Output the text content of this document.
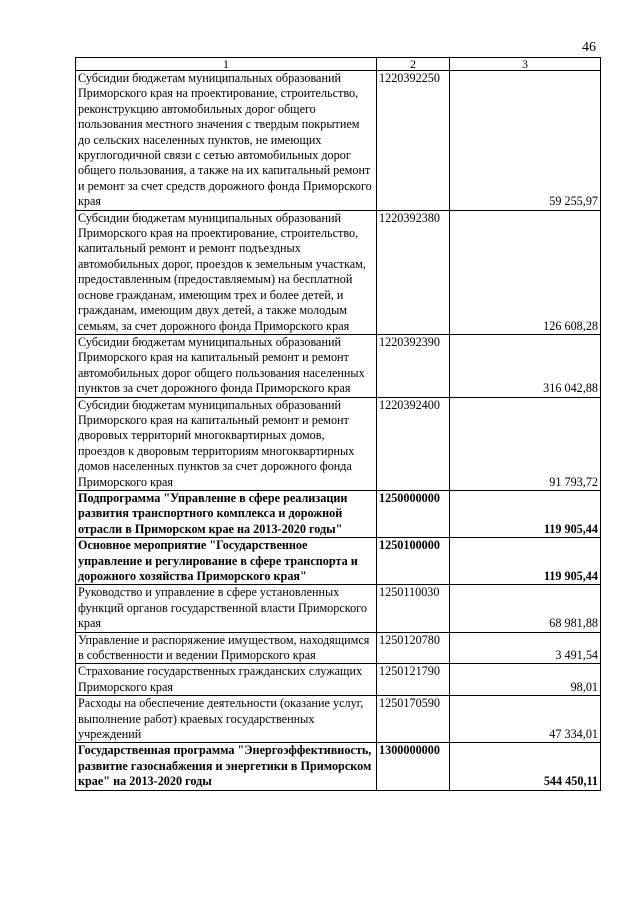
46
1	2	3
Субсидии бюджетам муниципальных образований Приморского края на проектирование, строительство, реконструкцию автомобильных дорог общего пользования местного значения с твердым покрытием до сельских населенных пунктов, не имеющих круглогодичной связи с сетью автомобильных дорог общего пользования, а также на их капитальный ремонт и ремонт за счет средств дорожного фонда Приморского края	1220392250	59 255,97
Субсидии бюджетам муниципальных образований Приморского края на проектирование, строительство, капитальный ремонт и ремонт подъездных автомобильных дорог, проездов к земельным участкам, предоставленным (предоставляемым) на бесплатной основе гражданам, имеющим трех и более детей, и гражданам, имеющим двух детей, а также молодым семьям, за счет дорожного фонда Приморского края	1220392380	126 608,28
Субсидии бюджетам муниципальных образований Приморского края на капитальный ремонт и ремонт автомобильных дорог общего пользования населенных пунктов за счет дорожного фонда Приморского края	1220392390	316 042,88
Субсидии бюджетам муниципальных образований Приморского края на капитальный ремонт и ремонт дворовых территорий многоквартирных домов, проездов к дворовым территориям многоквартирных домов населенных пунктов за счет дорожного фонда Приморского края	1220392400	91 793,72
Подпрограмма "Управление в сфере реализации развития транспортного комплекса и дорожной отрасли в Приморском крае на 2013-2020 годы"	1250000000	119 905,44
Основное мероприятие "Государственное управление и регулирование в сфере транспорта и дорожного хозяйства Приморского края"	1250100000	119 905,44
Руководство и управление в сфере установленных функций органов государственной власти Приморского края	1250110030	68 981,88
Управление и распоряжение имуществом, находящимся в собственности и ведении Приморского края	1250120780	3 491,54
Страхование государственных гражданских служащих Приморского края	1250121790	98,01
Расходы на обеспечение деятельности (оказание услуг, выполнение работ) краевых государственных учреждений	1250170590	47 334,01
Государственная программа "Энергоэффективность, развитие газоснабжения и энергетики в Приморском крае" на 2013-2020 годы	1300000000	544 450,11
